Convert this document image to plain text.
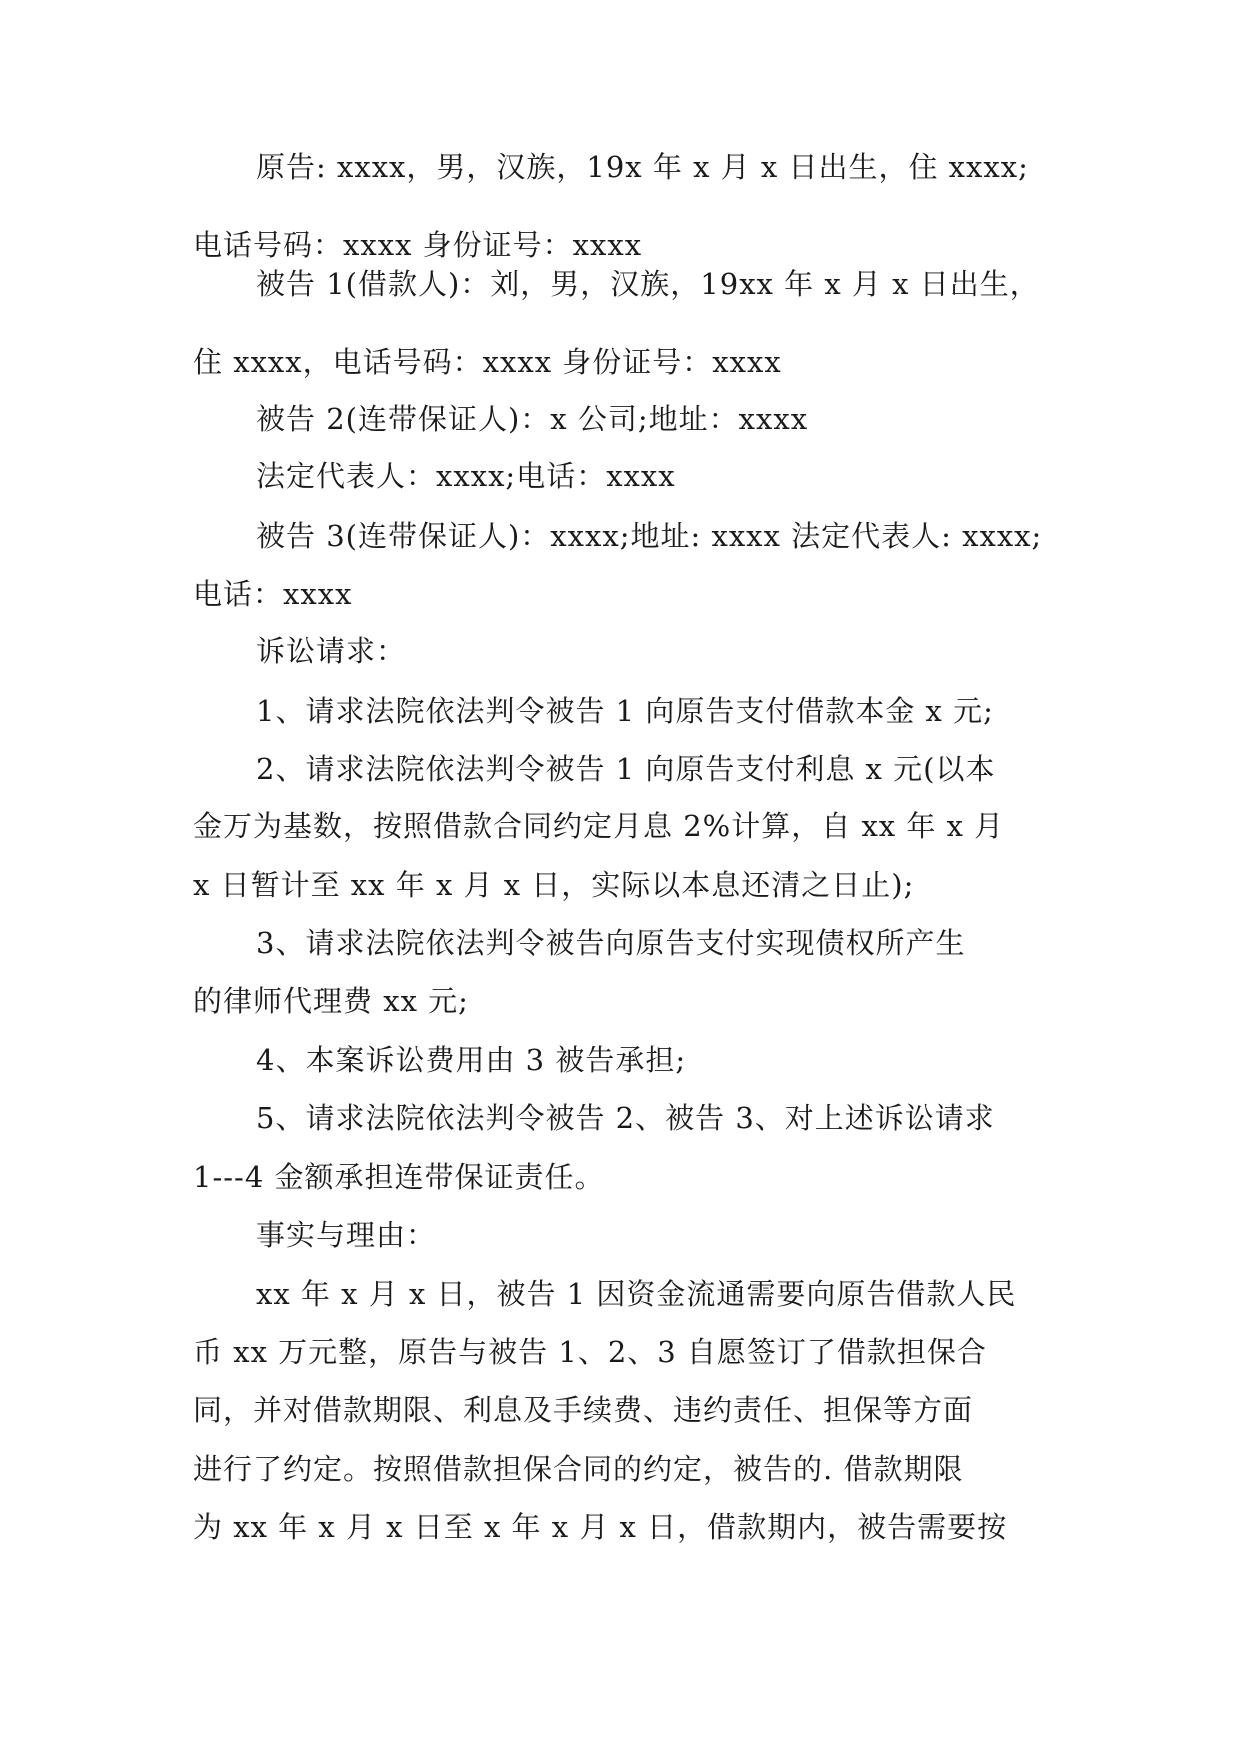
原告: xxxx，男，汉族，19x 年 x 月 x 日出生，住 xxxx;
电话号码：xxxx 身份证号：xxxx
被告 1(借款人)：刘，男，汉族，19xx 年 x 月 x 日出生，
住 xxxx，电话号码：xxxx 身份证号：xxxx
被告 2(连带保证人)：x 公司;地址：xxxx
法定代表人：xxxx;电话：xxxx
被告 3(连带保证人)：xxxx;地址: xxxx 法定代表人: xxxx;
电话：xxxx
诉讼请求：
1、请求法院依法判令被告 1 向原告支付借款本金 x 元;
2、请求法院依法判令被告 1 向原告支付利息 x 元(以本
金万为基数，按照借款合同约定月息 2%计算，自 xx 年 x 月
x 日暂计至 xx 年 x 月 x 日，实际以本息还清之日止);
3、请求法院依法判令被告向原告支付实现债权所产生
的律师代理费 xx 元;
4、本案诉讼费用由 3 被告承担;
5、请求法院依法判令被告 2、被告 3、对上述诉讼请求
1---4 金额承担连带保证责任。
事实与理由：
xx 年 x 月 x 日，被告 1 因资金流通需要向原告借款人民
币 xx 万元整，原告与被告 1、2、3 自愿签订了借款担保合
同，并对借款期限、利息及手续费、违约责任、担保等方面
进行了约定。按照借款担保合同的约定，被告的. 借款期限
为 xx 年 x 月 x 日至 x 年 x 月 x 日，借款期内，被告需要按
